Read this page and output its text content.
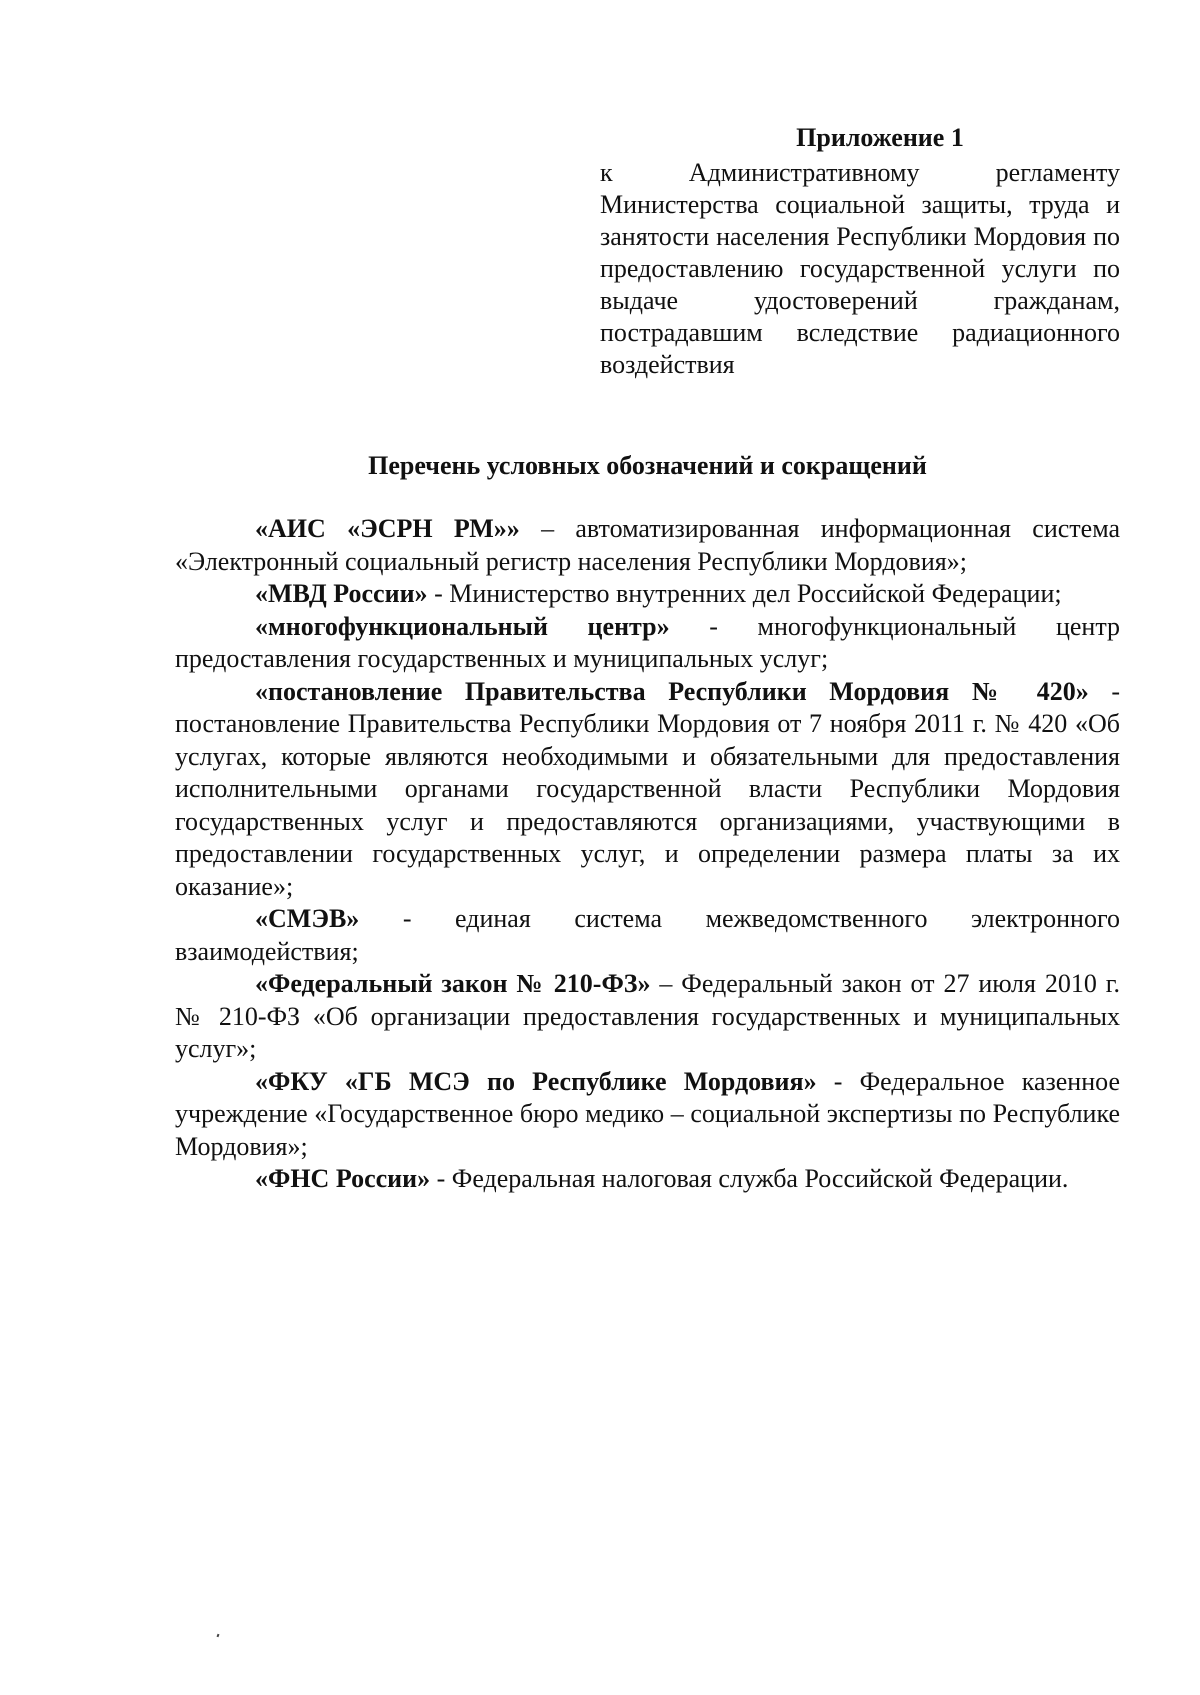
Приложение 1

к Административному регламенту Министерства социальной защиты, труда и занятости населения Республики Мордовия по предоставлению государственной услуги по выдаче удостоверений гражданам, пострадавшим вследствие радиационного воздействия

Перечень условных обозначений и сокращений

«АИС «ЭСРН РМ»» – автоматизированная информационная система «Электронный социальный регистр населения Республики Мордовия»;

«МВД России» - Министерство внутренних дел Российской Федерации;

«многофункциональный центр» - многофункциональный центр предоставления государственных и муниципальных услуг;

«постановление Правительства Республики Мордовия № 420» - постановление Правительства Республики Мордовия от 7 ноября 2011 г. № 420 «Об услугах, которые являются необходимыми и обязательными для предоставления исполнительными органами государственной власти Республики Мордовия государственных услуг и предоставляются организациями, участвующими в предоставлении государственных услуг, и определении размера платы за их оказание»;

«СМЭВ» - единая система межведомственного электронного взаимодействия;

«Федеральный закон № 210-ФЗ» – Федеральный закон от 27 июля 2010 г. № 210-ФЗ «Об организации предоставления государственных и муниципальных услуг»;

«ФКУ «ГБ МСЭ по Республике Мордовия» - Федеральное казенное учреждение «Государственное бюро медико – социальной экспертизы по Республике Мордовия»;

«ФНС России» - Федеральная налоговая служба Российской Федерации.
